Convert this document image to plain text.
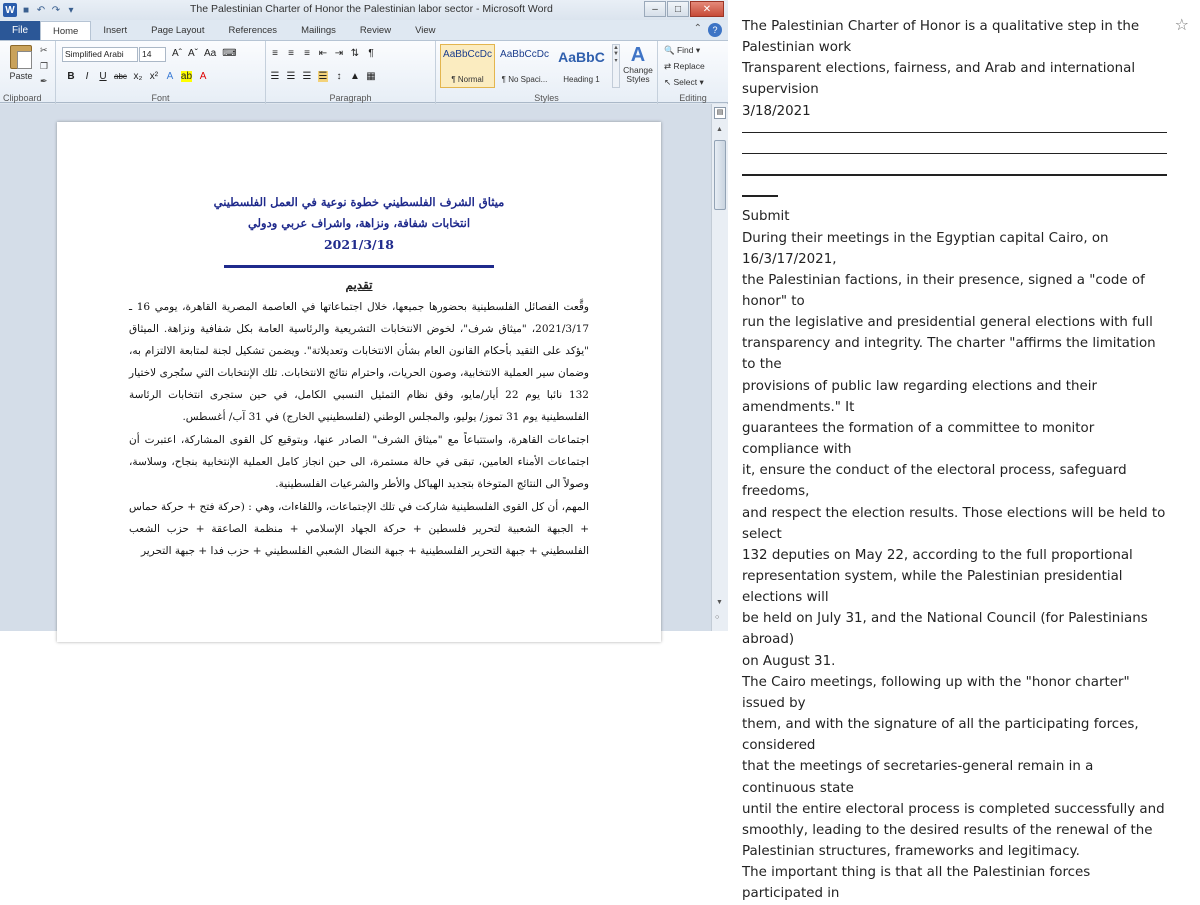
W ■ ↶ ↷ ▾	The Palestinian Charter of Honor the Palestinian labor sector - Microsoft Word	–	□	✕
File	Home	Insert	Page Layout	References	Mailings	Review	View	⌃	?
Paste
✂
❐
✒
Clipboard	Font
Simplified Arabi	14	Aˆ Aˇ Aa ⌨
B	I	U abc x₂ x² A ab A
Paragraph
≡ ≡ ≡ ⇤ ⇥ ⇅ ¶
☰ ☰ ☰ ☰ ↕ ▲ ▦
Styles
AaBbCcDc
¶ Normal
AaBbCcDc
¶ No Spaci...
AaBbC
Heading 1
▲
▼
▾ A
Change Styles
Editing
🔍 Find ▾
⇄ Replace
↖ Select ▾
ميثاق الشرف الفلسطيني خطوة نوعية في العمل الفلسطيني
انتخابات شفافة، ونزاهة، واشراف عربي ودولي
2021/3/18
تقديم

وقَّعت الفصائل الفلسطينية بحضورها جميعها، خلال اجتماعاتها في العاصمة المصرية القاهرة، يومي 16 ـ 2021/3/17، "ميثاق شرف"، لخوض الانتخابات التشريعية والرئاسية العامة بكل شفافية ونزاهة. الميثاق "يؤكد على التقيد بأحكام القانون العام بشأن الانتخابات وتعديلاتة". ويضمن تشكيل لجنة لمتابعة الالتزام به، وضمان سير العملية الانتخابية، وصون الحريات، واحترام نتائج الانتخابات. تلك الإنتخابات التي ستُجرى لاختيار 132 نائبا يوم 22 أيار/مايو، وفق نظام التمثيل النسبي الكامل، في حين ستجرى انتخابات الرئاسة الفلسطينية يوم 31 تموز/ يوليو، والمجلس الوطني (لفلسطينيي الخارج) في 31 آب/ أغسطس.

اجتماعات القاهرة، واستتباعاً مع "ميثاق الشرف" الصادر عنها، وبتوقيع كل القوى المشاركة، اعتبرت أن اجتماعات الأمناء العامين، تبقى في حالة مستمرة، الى حين انجاز كامل العملية الإنتخابية بنجاح، وسلاسة، وصولاً الى النتائج المتوخاة بتجديد الهياكل والأطر والشرعيات الفلسطينية.

المهم، أن كل القوى الفلسطينية شاركت في تلك الإجتماعات، واللقاءات، وهي : (حركة فتح + حركة حماس + الجبهة الشعبية لتحرير فلسطين + حركة الجهاد الإسلامي + منظمة الصاعقة + حزب الشعب الفلسطيني + جبهة التحرير الفلسطينية + جبهة النضال الشعبي الفلسطيني + حزب فدا + جبهة التحرير

▤
▲
▼
○
The Palestinian Charter of Honor is a qualitative step in the
Palestinian work
Transparent elections, fairness, and Arab and international
supervision
3/18/2021
Submit
During their meetings in the Egyptian capital Cairo, on 16/3/17/2021,
the Palestinian factions, in their presence, signed a "code of honor" to
run the legislative and presidential general elections with full
transparency and integrity. The charter "affirms the limitation to the
provisions of public law regarding elections and their amendments." It
guarantees the formation of a committee to monitor compliance with
it, ensure the conduct of the electoral process, safeguard freedoms,
and respect the election results. Those elections will be held to select
132 deputies on May 22, according to the full proportional
representation system, while the Palestinian presidential elections will
be held on July 31, and the National Council (for Palestinians abroad)
on August 31.
The Cairo meetings, following up with the "honor charter" issued by
them, and with the signature of all the participating forces, considered
that the meetings of secretaries-general remain in a continuous state
until the entire electoral process is completed successfully and
smoothly, leading to the desired results of the renewal of the
Palestinian structures, frameworks and legitimacy.
The important thing is that all the Palestinian forces participated in
☆
